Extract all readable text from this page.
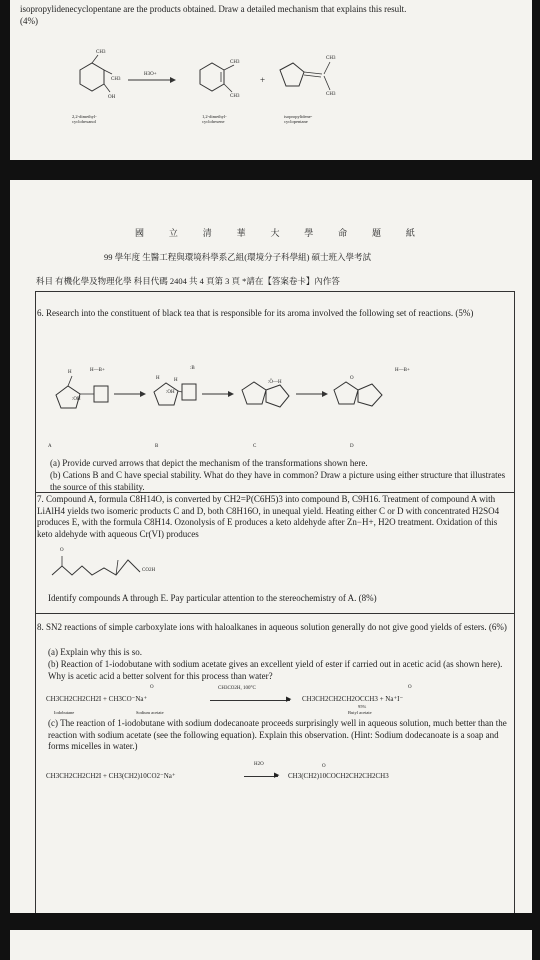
isopropylidenecyclopentane are the products obtained. Draw a detailed mechanism that explains this result.
(4%)
CH3
CH3
OH
H3O+
CH3
CH3
+
CH3
CH3
2,2-dimethyl-
cyclohexanol
1,2-dimethyl-
cyclohexene
isopropylidene-
cyclopentane
國	立	清	華	大	學	命	題	紙
99 學年度 生醫工程與環境科學系乙組(環境分子科學組) 碩士班入學考試
科目 有機化學及物理化學 科目代碼 2404 共 4 頁第 3 頁 *請在【答案卷卡】內作答
6. Research into the constituent of black tea that is responsible for its aroma involved the following set of reactions. (5%)
H—B+
H
:OH
:B
H	H
:OH
:Ö—H
H—B+
O
A	B	C	D
(a) Provide curved arrows that depict the mechanism of the transformations shown here.
(b) Cations B and C have special stability. What do they have in common? Draw a picture using either structure that illustrates the source of this stability.
7. Compound A, formula C8H14O, is converted by CH2=P(C6H5)3 into compound B, C9H16. Treatment of compound A with LiAlH4 yields two isomeric products C and D, both C8H16O, in unequal yield. Heating either C or D with concentrated H2SO4 produces E, with the formula C8H14. Ozonolysis of E produces a keto aldehyde after Zn−H+, H2O treatment. Oxidation of this keto aldehyde with aqueous Cr(VI) produces
O
CO2H
Identify compounds A through E. Pay particular attention to the stereochemistry of A. (8%)
8. SN2 reactions of simple carboxylate ions with haloalkanes in aqueous solution generally do not give good yields of esters. (6%)
(a) Explain why this is so.
(b) Reaction of 1-iodobutane with sodium acetate gives an excellent yield of ester if carried out in acetic acid (as shown here). Why is acetic acid a better solvent for this process than water?
O	O
CH3CO2H, 100°C
▶
CH3CH2CH2CH2I + CH3CO⁻Na⁺	CH3CH2CH2CH2OCCH3 + Na⁺I⁻
95%
Iodobutane	Sodium acetate	Butyl acetate
(c) The reaction of 1-iodobutane with sodium dodecanoate proceeds surprisingly well in aqueous solution, much better than the reaction with sodium acetate (see the following equation). Explain this observation. (Hint: Sodium dodecanoate is a soap and forms micelles in water.)
H2O	O
▶
CH3CH2CH2CH2I + CH3(CH2)10CO2⁻Na⁺	CH3(CH2)10COCH2CH2CH2CH3
